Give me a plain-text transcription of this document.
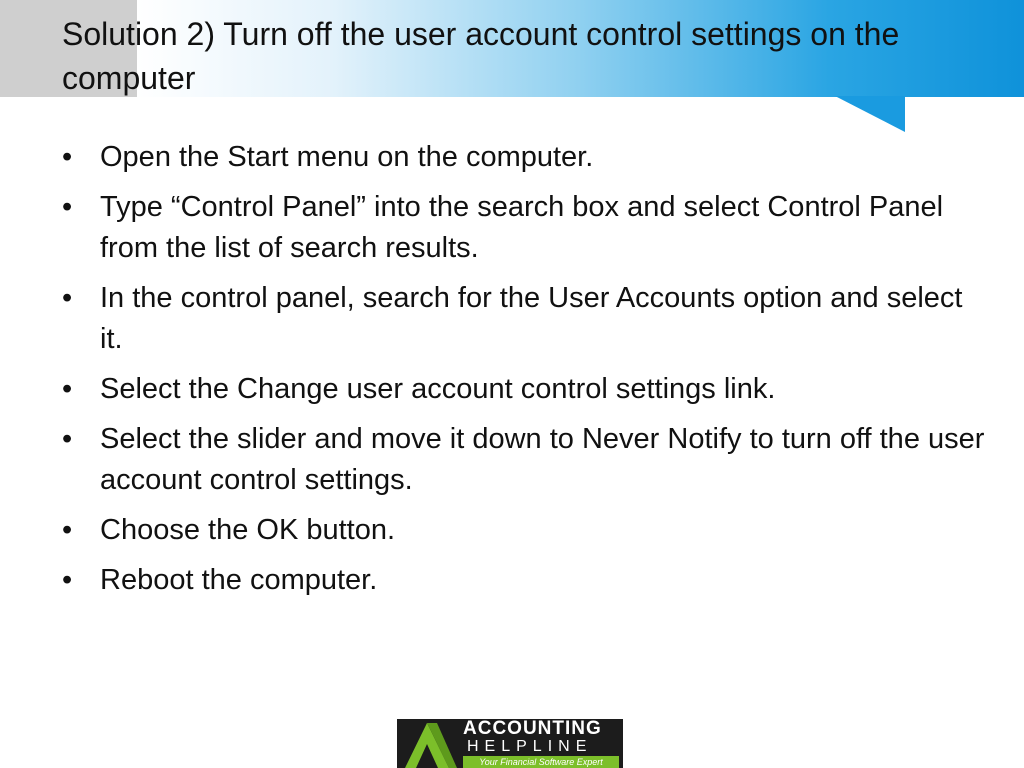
Solution 2) Turn off the user account control settings on the computer
• Open the Start menu on the computer.
• Type “Control Panel” into the search box and select Control Panel from the list of search results.
• In the control panel, search for the User Accounts option and select it.
• Select the Change user account control settings link.
• Select the slider and move it down to Never Notify to turn off the user account control settings.
• Choose the OK button.
• Reboot the computer.
ACCOUNTING
HELPLINE
Your Financial Software Expert
